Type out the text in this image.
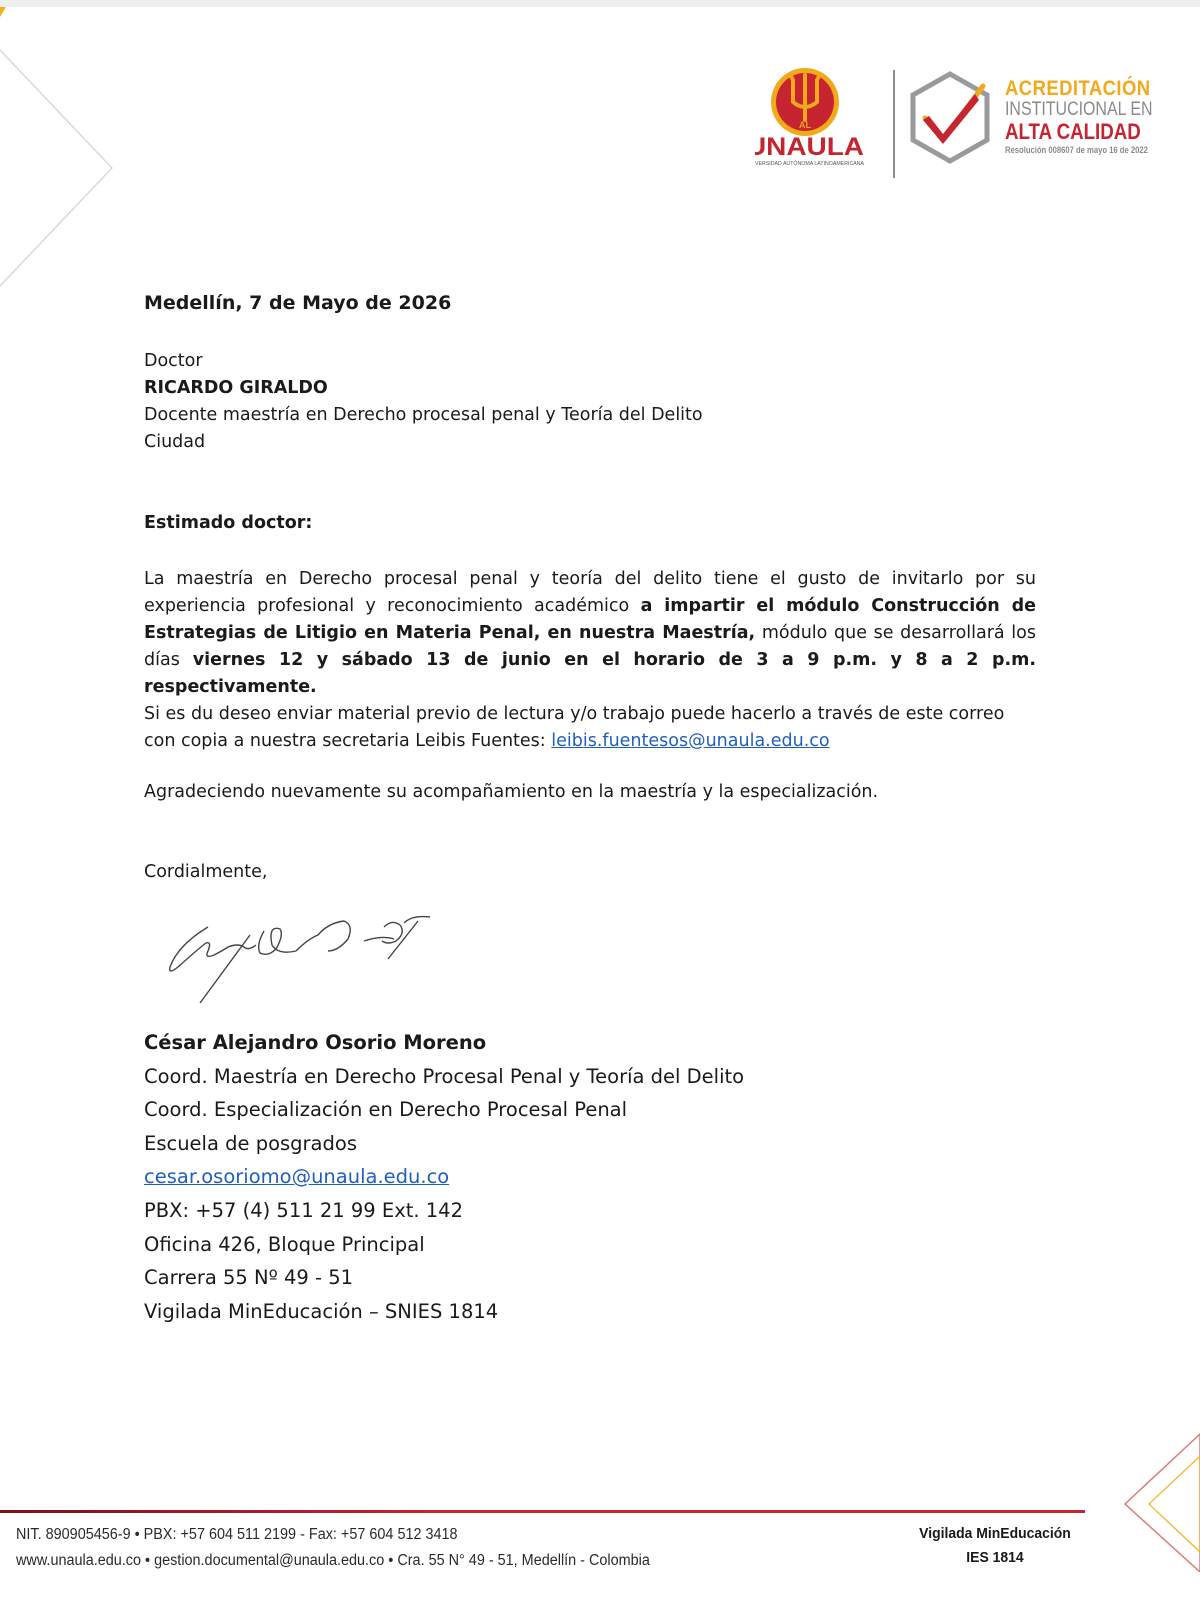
AL
UNAULA
UNIVERSIDAD AUTÓNOMA LATINOAMERICANA
ACREDITACIÓN
INSTITUCIONAL EN
ALTA CALIDAD
Resolución 008607 de mayo 16 de 2022
Medellín, 7 de Mayo de 2026
Doctor
RICARDO GIRALDO
Docente maestría en Derecho procesal penal y Teoría del Delito
Ciudad
Estimado doctor:
La maestría en Derecho procesal penal y teoría del delito tiene el gusto de invitarlo por su experiencia profesional y reconocimiento académico a impartir el módulo Construcción de Estrategias de Litigio en Materia Penal, en nuestra Maestría, módulo que se desarrollará los días viernes 12 y sábado 13 de junio en el horario de 3 a 9 p.m. y 8 a 2 p.m. respectivamente.
Si es du deseo enviar material previo de lectura y/o trabajo puede hacerlo a través de este correo con copia a nuestra secretaria Leibis Fuentes: leibis.fuentesos@unaula.edu.co
Agradeciendo nuevamente su acompañamiento en la maestría y la especialización.
Cordialmente,
César Alejandro Osorio Moreno
Coord. Maestría en Derecho Procesal Penal y Teoría del Delito
Coord. Especialización en Derecho Procesal Penal
Escuela de posgrados
cesar.osoriomo@unaula.edu.co
PBX: +57 (4) 511 21 99 Ext. 142
Oficina 426, Bloque Principal
Carrera 55 Nº 49 - 51
Vigilada MinEducación – SNIES 1814
NIT. 890905456-9 • PBX: +57 604 511 2199 - Fax: +57 604 512 3418
www.unaula.edu.co • gestion.documental@unaula.edu.co • Cra. 55 N° 49 - 51, Medellín - Colombia
Vigilada MinEducación
IES 1814
